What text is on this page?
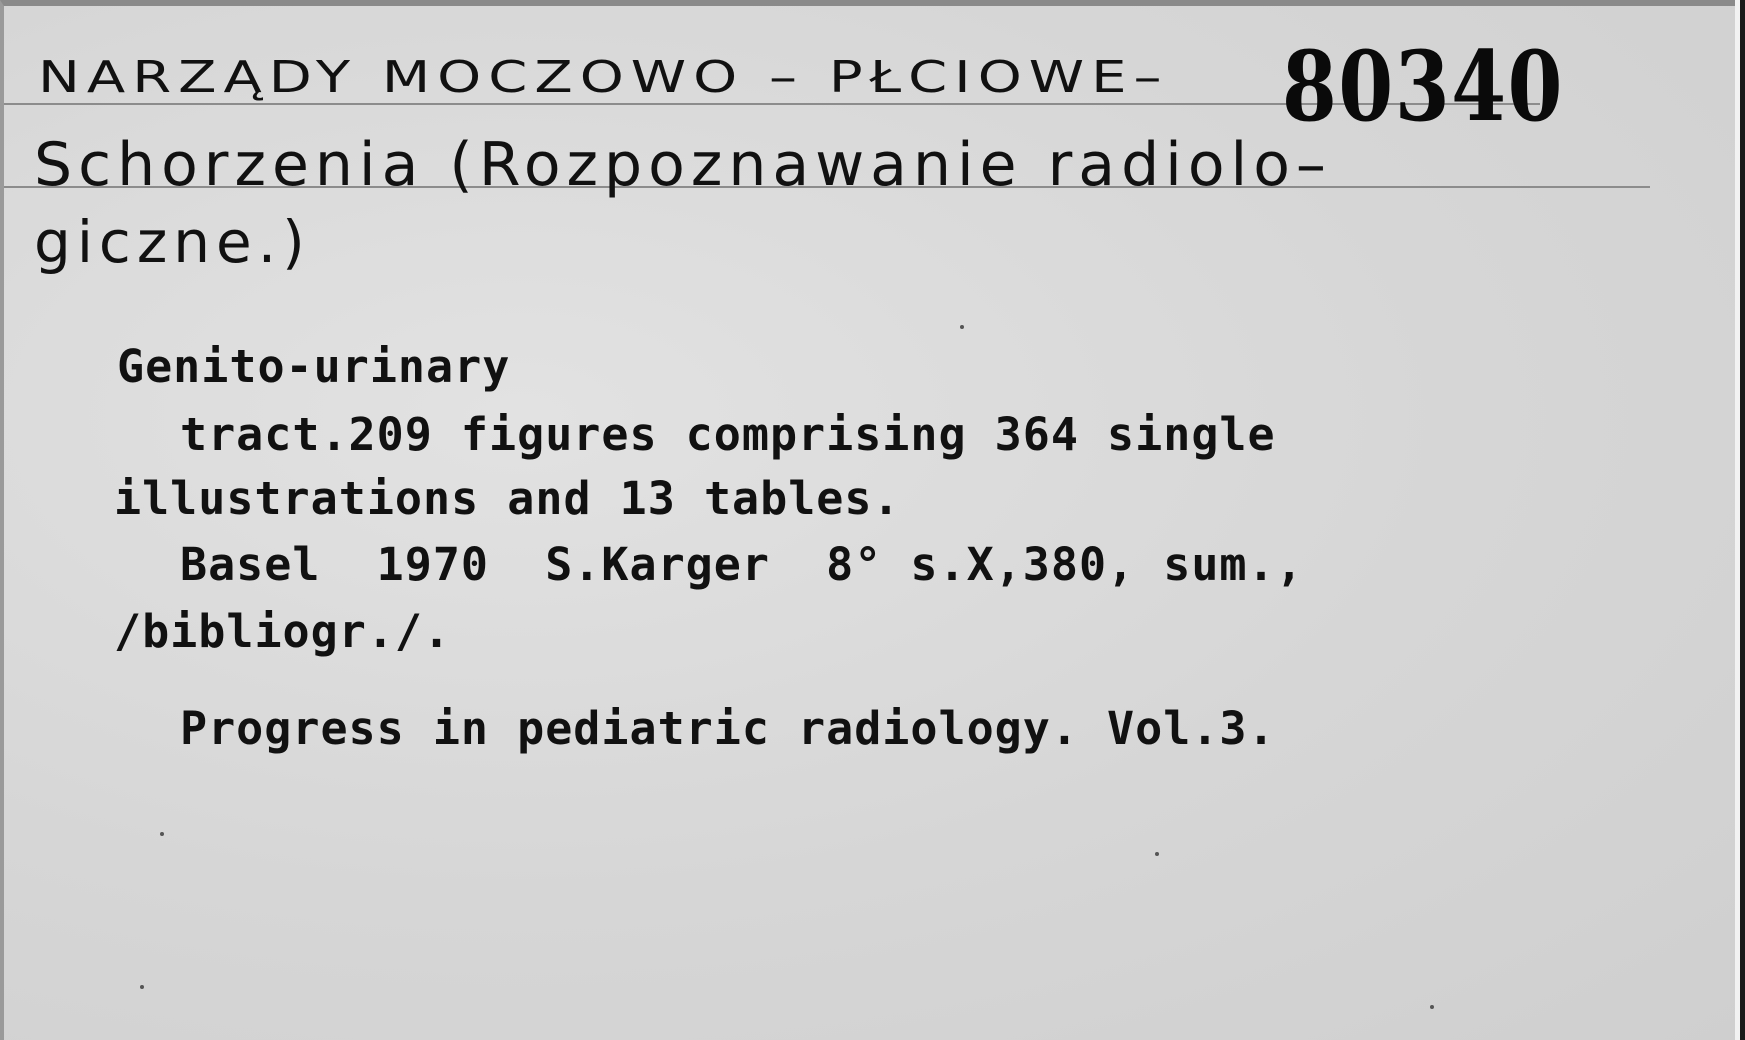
NARZĄDY MOCZOWO – PŁCIOWE– 80340
Schorzenia (Rozpoznawanie radiolo–
giczne.)
Genito-urinary
tract.209 figures comprising 364 single
illustrations and 13 tables.
Basel  1970  S.Karger  8° s.X,380, sum.,
/bibliogr./.
Progress in pediatric radiology. Vol.3.
